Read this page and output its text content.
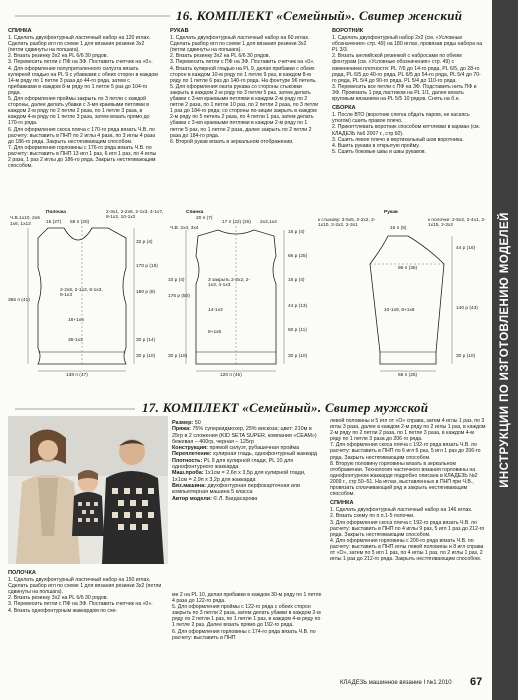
ИНСТРУКЦИИ ПО ИЗГОТОВЛЕНИЮ МОДЕЛЕЙ
16. КОМПЛЕКТ «Семейный». Свитер женский

СПИНКА

1. Сделать двухфонтурный ластичный набор на 120 иглах. Сделать разбор игл по схеме 1 для вязания резинки 3х2 (петли сдвинуты на полшага).

2. Вязать резинку 3х2 на PL 6/6 30 рядов.

3. Перевесить петли с ПФ на ЗФ. Поставить счетчик на «0».

4. Для оформления полуприталенного силуэта вязать кулирной гладью на PL 9 с убавками с обеих сторон в каждом 14-м ряду по 1 петле 3 раза до 44-го ряда, затем с прибавками в каждом 8-м ряду по 1 петле 5 раз до 104-го ряда.

5. Для оформления проймы закрыть по 3 петли с каждой стороны, далее делать убавки с 3-мя краевыми петлями в каждом 2-м ряду по 2 петли 2 раза, по 1 петле 3 раза, в каждом 4-м ряду по 1 петле 3 раза, затем вязать прямо до 170-го ряда.

6. Для оформления скоса плеча с 170-го ряда вязать Ч.В. по расчету: выставить в ПНП по 2 иглы 4 раза, по 3 иглы 4 раза до 186-го ряда. Закрыть нестягивающим способом.

7. Для оформления горловины с 176-го ряда вязать Ч.В. по расчету: выставить в ПНП 13 игл 1 раз, 6 игл 1 раз, по 4 иглы 2 раза, 1 раз 2 иглы до 186-го ряда. Закрыть нестягивающим способом.

РУКАВ

1. Сделать двухфонтурный ластичный набор на 60 иглах. Сделать разбор игл по схеме 1 для вязания резинки 3х2 (петли сдвинуты на полшага).

2. Вязать резинку 3х2 на PL 6/6 30 рядов.

3. Перевесить петли с ПФ на ЗФ. Поставить счетчик на «0».

4. Вязать кулирной гладью на PL 9, делая прибавки с обеих сторон в каждом 10-м ряду по 1 петле 9 раз, в каждом 8-м ряду по 1 петле 6 раз до 140-го ряда. На фонтуре 96 петель.

5. Для оформления оката рукава со стороны стыковки закрыть в каждом 2-м ряду по 3 петли 5 раз, затем делать убавки с 3-мя краевыми петлями в каждом 2-м ряду по 2 петли 2 раза, по 1 петле 10 раз, по 2 петли 2 раза, по 3 петли 1 раз до 184-го ряда; со стороны по-зиции закрыть в каждом 2-м ряду по 5 петель 2 раза, по 4 петли 1 раз, затем делать убавки с 3-мя краевыми петлями в каждом 2-м ряду по 1 петле 5 раз, по 1 петле 2 раза, далее закрыть по 2 петли 2 раза до 184-го ряда.

6. Второй рукав вязать в зеркальном отображении.

ВОРОТНИК

1. Сделать двухфонтурный набор 2х2 (см. «Условные обозначения» стр. 49) на 180 иглах, провязав ряды набора на PL 3/3.

2. Вязать английской резинкой с набросами по обеим фонтурам (см. «Условные обозначения» стр. 49) с изменением плотности: PL 7/6 до 14-го ряда, PL 6/5, до 28-го ряда, PL 6/5 до 40-го ряда, PL 6/5 до 54-го ряда, PL 5/4 до 70-го ряда, PL 5/4 до 90-го ряда, PL 5/4 до 110-го ряда.

3. Перевесить все петли с ПФ на ЗФ. Подставить нить ПФ и ЗФ. Провязать 1 ряд ластиком на PL 1/1, далее вязать круговым вязанием на PL 5/5 10 рядов. Снять на б.н.

СБОРКА

1. После ВТО (воротник слегка обдать паром, не касаясь утюгом) сшить правое плечо.

2. Прикеттлевать воротник способом кеттлевки в карман (см. КЛАДЕЗЬ №6 2007 г., стр 60).

3. Сшить левое плечо и вертикальный шов воротника.

4. Вшить рукава в открытую пройму.

5. Сшить боковые швы и швы рукавов.

Полочка
Ч.В.1х10, 2х6
1х6, 1х13	16 (27) 58 п (20)
2-3х1, 2-2х6, 2-1х3, 4-1х7, 8-1х2, 10-1х2
32 р (4)
170 р (19)
180 р (8)
366 п (41)
2-2х6, 2-1х3, 6-1х3, 8-1х3
16+1х6
36-1х3	30 р (14)
30 р (10)
138 п (47)
Спинка
20 п (7)
Ч.В. 2х4, 3х4
17 п (22) (26) 2х2,1х4
16 р (4)
66 р (25)
16 р (4)
176 р (50)
10 р (4)	3 закрыть 2-2х2, 2-1х3, 4-1х3
14-1х3
8+1х5
44 р (13)
60 р (11)
30 р (10)
120 п (45)
30 р (10)
Рукав
к стыкову: 3-5х5, 2-2х2, 2-1х10, 2-2х2, 2-3х1
15 п (5)
к полочке: 2-5х2, 2-4х1, 2-1х15, 2-2х2
44 р (16)
96 п (36)
10-1х9, 8+1х6	140 р (43)
30 р (10)
66 п (25)
17. КОМПЛЕКТ «Семейный». Свитер мужской
Размер: 50
Пряжа: 75% суперкидмохер, 25% вискоза; цвет: 210м в 25гр в 2 сложения (KID SETA SUPER, компания «СЕАМ») бежевая – 400гр, черная – 125гр
Конструкция: прямой силуэт, рубашечная пройма
Переплетение: кулирная гладь, однофонтурный жаккард
Плотность: PL 9 для кулирной глади, PL 10 для однофонтурного жаккарда
Маш.проба: 1х1см = 2,6п х 3,5р для кулирной глади, 1х1см = 2,9п х 3,2р для жаккарда
Вяз.машина: двухфонтурная перфокарточная или компьютерная машина 5 класса
Автор модели: © Л. Багдасарова

левой половины и 5 игл от «О» справа, затем 4 иглы 1 раз, по 3 иглы 3 раза, далее в каждом 2-м ряду по 2 иглы 1 раз, в каждом 2-м ряду по 2 петли 2 раза, по 1 петле 3 раза, в каждом 4-м ряду по 1 петле 3 раза до 206 го ряда.

7. Для оформления скоса плеча с 192-го ряда вязать Ч.В. по расчету: выставить в ПНП по 6 игл 6 раз, 5 игл 1 раз до 206-го ряда. Закрыть нестягивающим способом.

8. Вторую половину горловины вязать в зеркальном отображении. Технология частичного вязания горловины на однофонтурном жаккарде подробно описана в КЛАДЕЗЬ №2 2009 г., стр 50–51. На иглах, выставленных в ПНП при Ч.В., провязать сплачивающий ряд и закрыть нестягивающим способом.

СПИНКА

1. Сделать двухфонтурный ластичный набор на 146 иглах.

2. Вязать схему по п.п.1-5 полочки.

3. Для оформления скоса плеча с 192-го ряда вязать Ч.В. по расчету: выставить в ПНП по 4 иглы 9 раз, 5 игл 1 раз до 212-го ряда. Закрыть нестягивающим способом.

4. Для оформления горловины с 200-го ряда вязать Ч.В. по расчету: выставить в ПНП иглы левой половины и 8 игл справа от «О», затем по 5 игл 1 раз, по 4 иглы 1 раз, по 2 иглы 1 раз, 2 иглы 1 раз до 212-го ряда. Закрыть нестягивающим способом.

ПОЛОЧКА

1. Сделать двухфонтурный ластичный набор на 150 иглах. Сделать разбор игл по схеме 1 для вязания резинки 3х2 (петли сдвинуты на полшага).

2. Вязать резинку 3х2 на PL 6/6 30 рядов.

3. Перевесить петли с ПФ на ЗФ. Поставить счетчик на «0».

4. Вязать однофонтурным жаккардом по схе-

ме 2 на PL 10, делая прибавки в каждом 30-м ряду по 1 петле 4 раза до 122-го ряда.

5. Для оформления проймы с 122-го ряда с обеих сторон закрыть по 3 петли 2 раза, затем делать убавки в каждом 2-м ряду по 2 петли 1 раз, по 1 петле 1 раз, в каждом 4-м ряду по 1 петле 2 раз. Далее вязать прямо до 192-го ряда.

6. Для оформления горловины с 174-го ряда вязать Ч.В. по расчету: выставить в ПНП

КЛАДЕЗЬ машинное вязание I №1 2010 67
